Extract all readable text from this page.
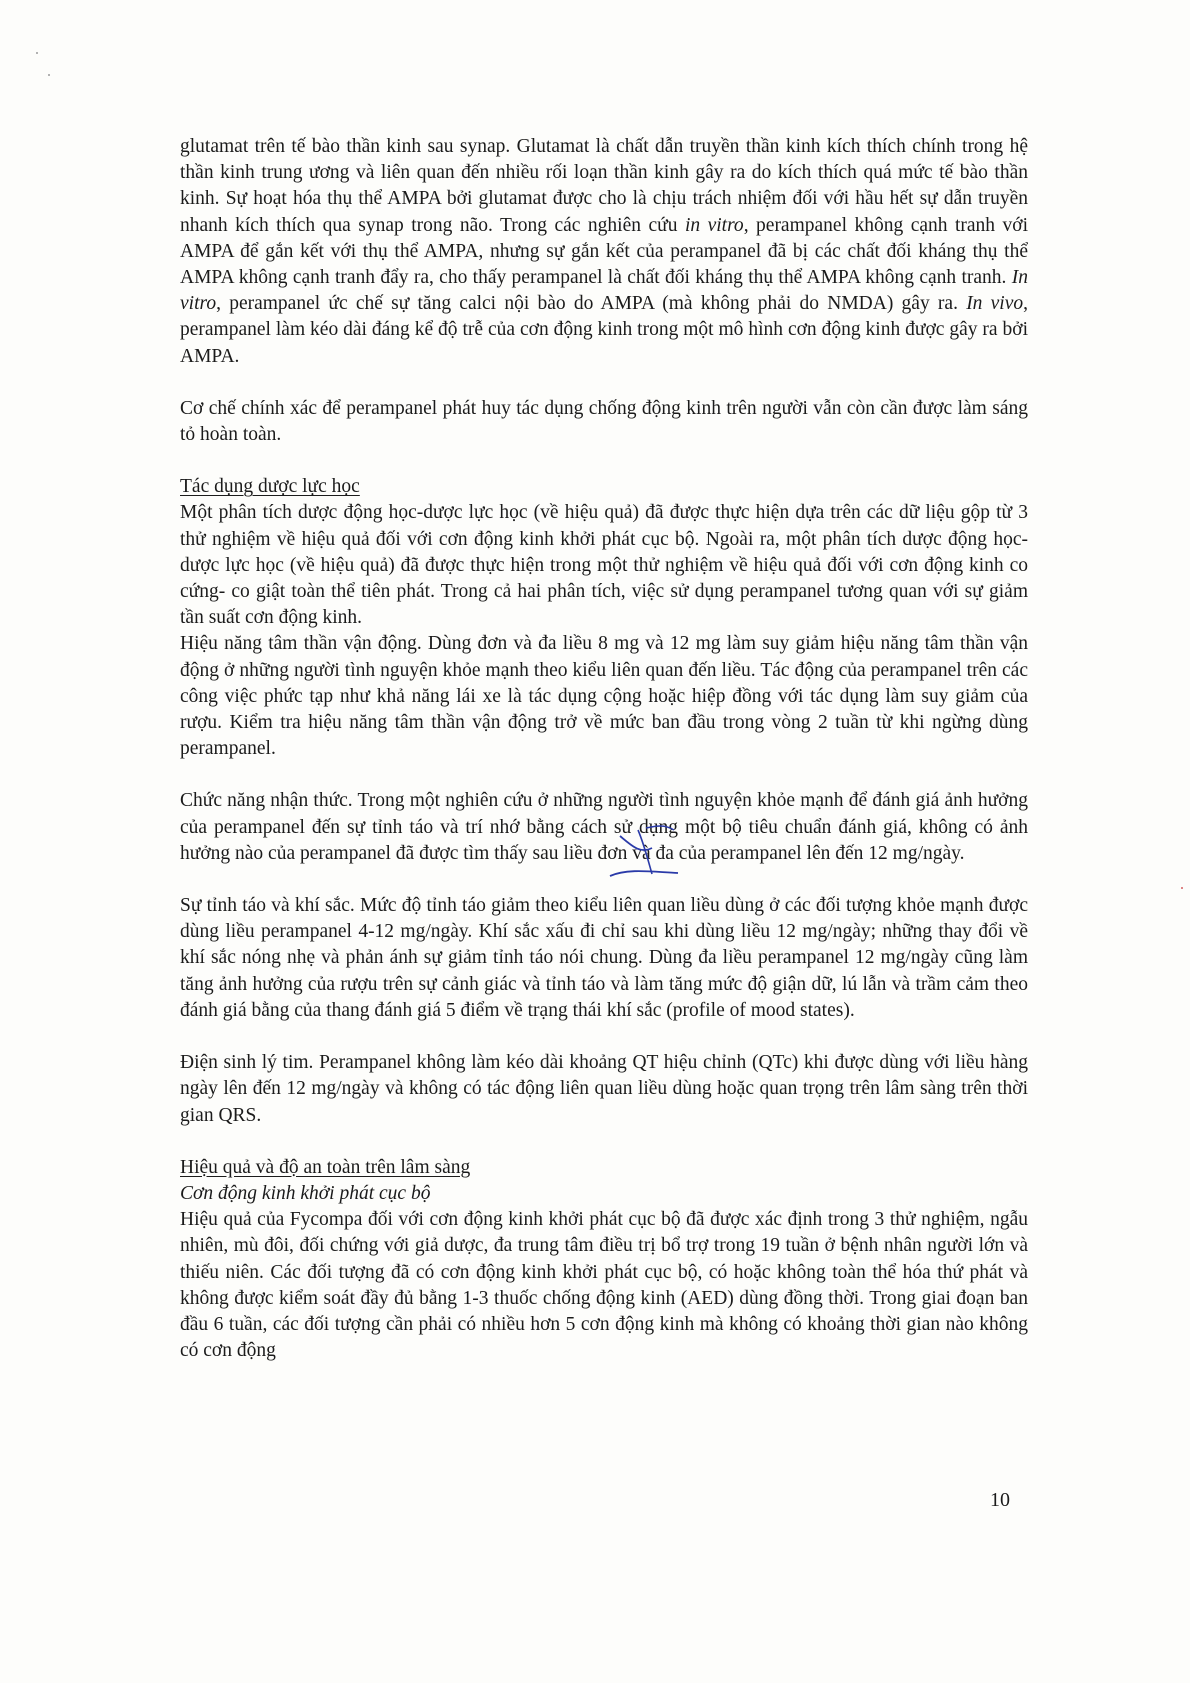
glutamat trên tế bào thần kinh sau synap. Glutamat là chất dẫn truyền thần kinh kích thích chính trong hệ thần kinh trung ương và liên quan đến nhiều rối loạn thần kinh gây ra do kích thích quá mức tế bào thần kinh. Sự hoạt hóa thụ thể AMPA bởi glutamat được cho là chịu trách nhiệm đối với hầu hết sự dẫn truyền nhanh kích thích qua synap trong não. Trong các nghiên cứu in vitro, perampanel không cạnh tranh với AMPA để gắn kết với thụ thể AMPA, nhưng sự gắn kết của perampanel đã bị các chất đối kháng thụ thể AMPA không cạnh tranh đẩy ra, cho thấy perampanel là chất đối kháng thụ thể AMPA không cạnh tranh. In vitro, perampanel ức chế sự tăng calci nội bào do AMPA (mà không phải do NMDA) gây ra. In vivo, perampanel làm kéo dài đáng kể độ trễ của cơn động kinh trong một mô hình cơn động kinh được gây ra bởi AMPA.

Cơ chế chính xác để perampanel phát huy tác dụng chống động kinh trên người vẫn còn cần được làm sáng tỏ hoàn toàn.

Tác dụng dược lực học

Một phân tích dược động học-dược lực học (về hiệu quả) đã được thực hiện dựa trên các dữ liệu gộp từ 3 thử nghiệm về hiệu quả đối với cơn động kinh khởi phát cục bộ. Ngoài ra, một phân tích dược động học-dược lực học (về hiệu quả) đã được thực hiện trong một thử nghiệm về hiệu quả đối với cơn động kinh co cứng- co giật toàn thể tiên phát. Trong cả hai phân tích, việc sử dụng perampanel tương quan với sự giảm tần suất cơn động kinh.

Hiệu năng tâm thần vận động. Dùng đơn và đa liều 8 mg và 12 mg làm suy giảm hiệu năng tâm thần vận động ở những người tình nguyện khỏe mạnh theo kiểu liên quan đến liều. Tác động của perampanel trên các công việc phức tạp như khả năng lái xe là tác dụng cộng hoặc hiệp đồng với tác dụng làm suy giảm của rượu. Kiểm tra hiệu năng tâm thần vận động trở về mức ban đầu trong vòng 2 tuần từ khi ngừng dùng perampanel.

Chức năng nhận thức. Trong một nghiên cứu ở những người tình nguyện khỏe mạnh để đánh giá ảnh hưởng của perampanel đến sự tỉnh táo và trí nhớ bằng cách sử dụng một bộ tiêu chuẩn đánh giá, không có ảnh hưởng nào của perampanel đã được tìm thấy sau liều đơn và đa của perampanel lên đến 12 mg/ngày.

Sự tỉnh táo và khí sắc. Mức độ tỉnh táo giảm theo kiểu liên quan liều dùng ở các đối tượng khỏe mạnh được dùng liều perampanel 4-12 mg/ngày. Khí sắc xấu đi chỉ sau khi dùng liều 12 mg/ngày; những thay đổi về khí sắc nóng nhẹ và phản ánh sự giảm tỉnh táo nói chung. Dùng đa liều perampanel 12 mg/ngày cũng làm tăng ảnh hưởng của rượu trên sự cảnh giác và tỉnh táo và làm tăng mức độ giận dữ, lú lẫn và trầm cảm theo đánh giá bằng của thang đánh giá 5 điểm về trạng thái khí sắc (profile of mood states).

Điện sinh lý tim. Perampanel không làm kéo dài khoảng QT hiệu chỉnh (QTc) khi được dùng với liều hàng ngày lên đến 12 mg/ngày và không có tác động liên quan liều dùng hoặc quan trọng trên lâm sàng trên thời gian QRS.

Hiệu quả và độ an toàn trên lâm sàng
Cơn động kinh khởi phát cục bộ

Hiệu quả của Fycompa đối với cơn động kinh khởi phát cục bộ đã được xác định trong 3 thử nghiệm, ngẫu nhiên, mù đôi, đối chứng với giả dược, đa trung tâm điều trị bổ trợ trong 19 tuần ở bệnh nhân người lớn và thiếu niên. Các đối tượng đã có cơn động kinh khởi phát cục bộ, có hoặc không toàn thể hóa thứ phát và không được kiểm soát đầy đủ bằng 1-3 thuốc chống động kinh (AED) dùng đồng thời. Trong giai đoạn ban đầu 6 tuần, các đối tượng cần phải có nhiều hơn 5 cơn động kinh mà không có khoảng thời gian nào không có cơn động

10
